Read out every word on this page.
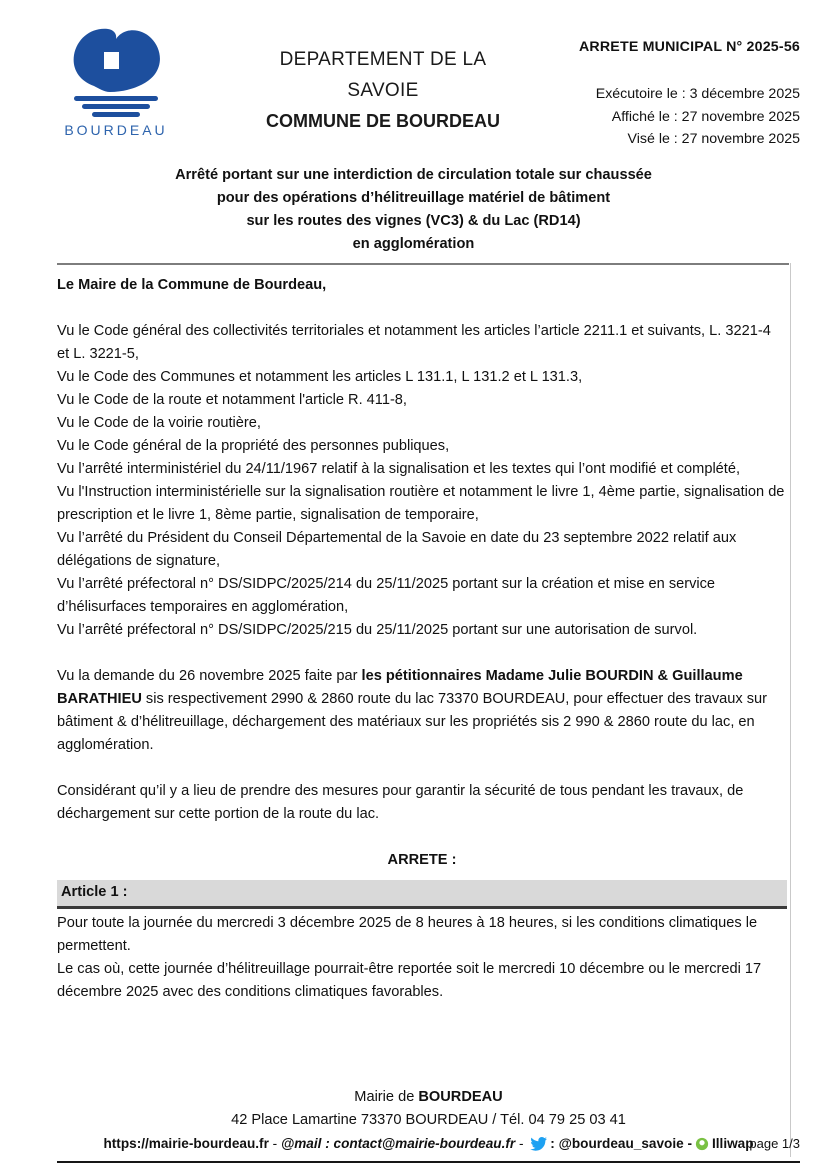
BOURDEAU
DEPARTEMENT DE LA
SAVOIE
COMMUNE DE BOURDEAU
ARRETE MUNICIPAL N° 2025-56
Exécutoire le : 3 décembre 2025
Affiché le : 27 novembre 2025
Visé le : 27 novembre 2025
Arrêté portant sur une interdiction de circulation totale sur chaussée
pour des opérations d’hélitreuillage matériel de bâtiment
sur les routes des vignes (VC3) & du Lac (RD14)
en agglomération

Le Maire de la Commune de Bourdeau,

Vu le Code général des collectivités territoriales et notamment les articles l’article 2211.1 et suivants, L. 3221-4 et L. 3221-5,

Vu le Code des Communes et notamment les articles L 131.1, L 131.2 et L 131.3,

Vu le Code de la route et notamment l'article R. 411-8,

Vu le Code de la voirie routière,

Vu le Code général de la propriété des personnes publiques,

Vu l’arrêté interministériel du 24/11/1967 relatif à la signalisation et les textes qui l’ont modifié et complété,

Vu l'Instruction interministérielle sur la signalisation routière et notamment le livre 1, 4ème partie, signalisation de prescription et le livre 1, 8ème partie, signalisation de temporaire,

Vu l’arrêté du Président du Conseil Départemental de la Savoie en date du 23 septembre 2022 relatif aux délégations de signature,

Vu l’arrêté préfectoral n° DS/SIDPC/2025/214 du 25/11/2025 portant sur la création et mise en service d’hélisurfaces temporaires en agglomération,

Vu l’arrêté préfectoral n° DS/SIDPC/2025/215 du 25/11/2025 portant sur une autorisation de survol.

Vu la demande du 26 novembre 2025 faite par les pétitionnaires Madame Julie BOURDIN & Guillaume BARATHIEU sis respectivement 2990 & 2860 route du lac 73370 BOURDEAU, pour effectuer des travaux sur bâtiment & d’hélitreuillage, déchargement des matériaux sur les propriétés sis 2 990 & 2860 route du lac, en agglomération.

Considérant qu’il y a lieu de prendre des mesures pour garantir la sécurité de tous pendant les travaux, de déchargement sur cette portion de la route du lac.

ARRETE :

Article 1 :

Pour toute la journée du mercredi 3 décembre 2025 de 8 heures à 18 heures, si les conditions climatiques le permettent.

Le cas où, cette journée d’hélitreuillage pourrait-être reportée soit le mercredi 10 décembre ou le mercredi 17 décembre 2025 avec des conditions climatiques favorables.

Mairie de BOURDEAU
42 Place Lamartine 73370 BOURDEAU / Tél. 04 79 25 03 41
https://mairie-bourdeau.fr - @mail : contact@mairie-bourdeau.fr - : @bourdeau_savoie - Illiwap
page 1/3
